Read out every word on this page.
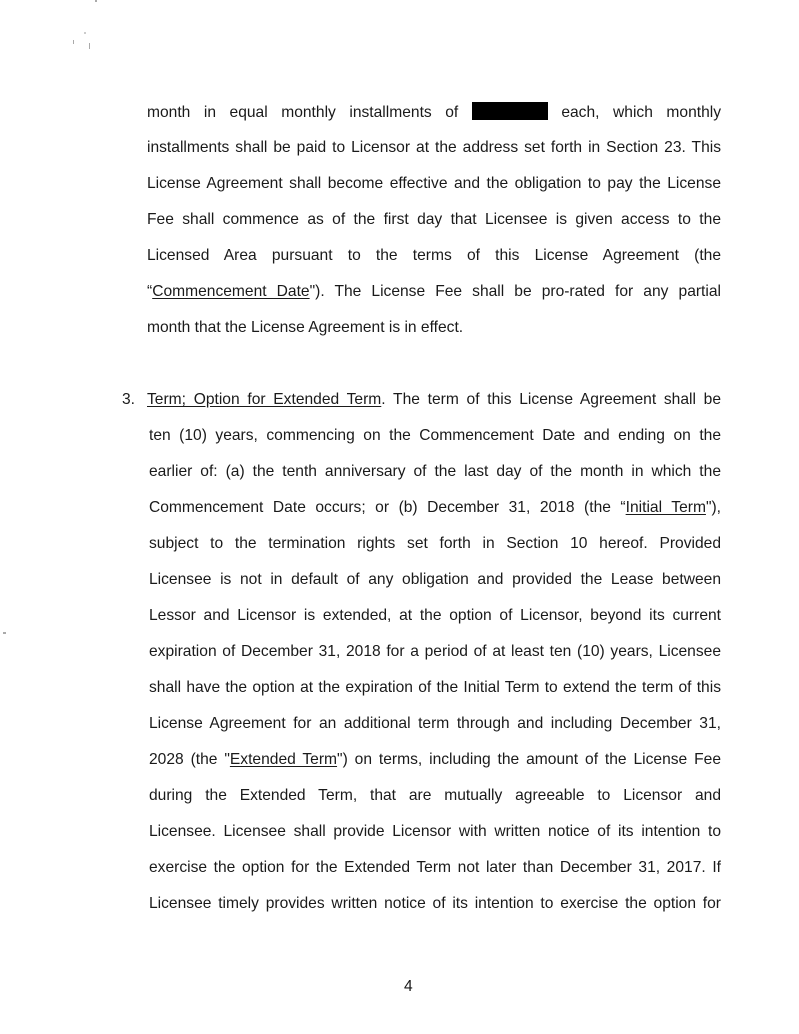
month in equal monthly installments of	each, which monthly
installments shall be paid to Licensor at the address set forth in Section 23. This
License Agreement shall become effective and the obligation to pay the License
Fee shall commence as of the first day that Licensee is given access to the
Licensed Area pursuant to the terms of this License Agreement (the
“Commencement Date"). The License Fee shall be pro-rated for any partial
month that the License Agreement is in effect.
3. Term; Option for Extended Term. The term of this License Agreement shall be
ten (10) years, commencing on the Commencement Date and ending on the
earlier of: (a) the tenth anniversary of the last day of the month in which the
Commencement Date occurs; or (b) December 31, 2018 (the “Initial Term"),
subject to the termination rights set forth in Section 10 hereof. Provided
Licensee is not in default of any obligation and provided the Lease between
Lessor and Licensor is extended, at the option of Licensor, beyond its current
expiration of December 31, 2018 for a period of at least ten (10) years, Licensee
shall have the option at the expiration of the Initial Term to extend the term of this
License Agreement for an additional term through and including December 31,
2028 (the "Extended Term") on terms, including the amount of the License Fee
during the Extended Term, that are mutually agreeable to Licensor and
Licensee. Licensee shall provide Licensor with written notice of its intention to
exercise the option for the Extended Term not later than December 31, 2017. If
Licensee timely provides written notice of its intention to exercise the option for
4
